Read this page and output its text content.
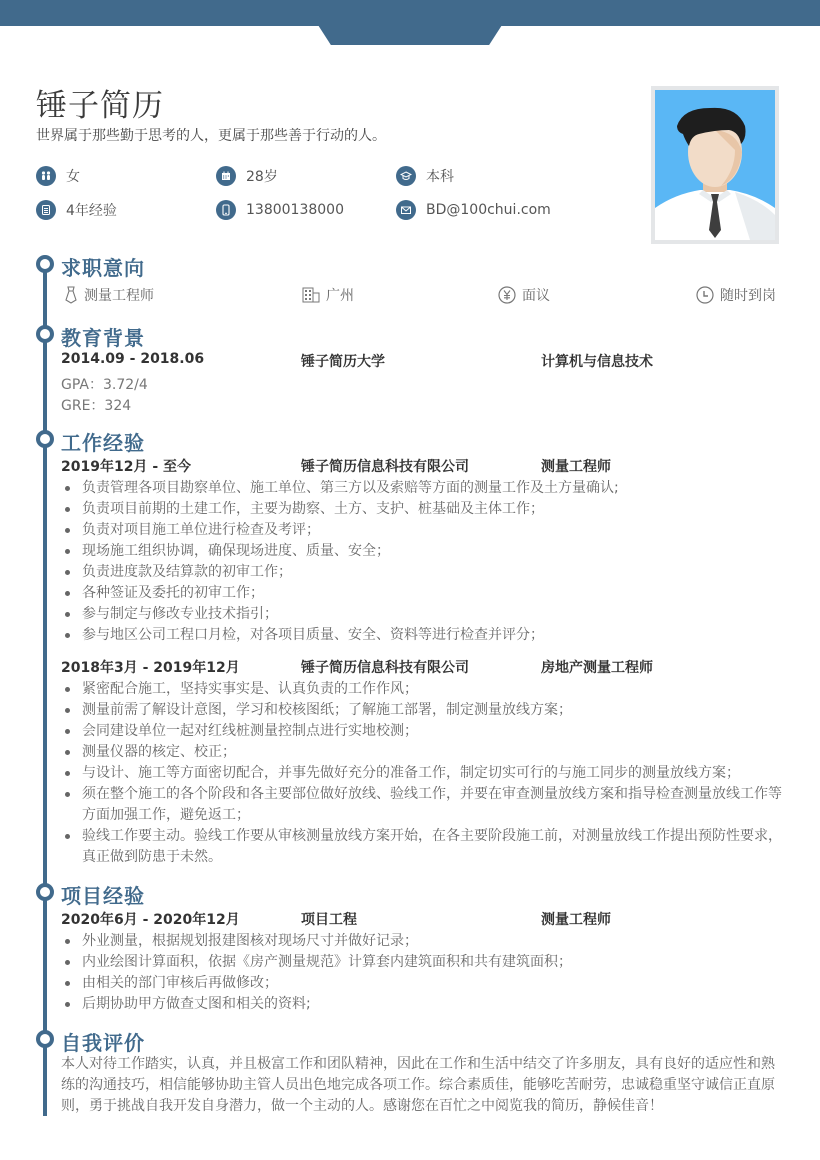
锤子简历
世界属于那些勤于思考的人，更属于那些善于行动的人。
女	28岁	本科
4年经验	13800138000	BD@100chui.com
求职意向
测量工程师	广州	面议	随时到岗
教育背景
2014.09 - 2018.06	锤子简历大学	计算机与信息技术
GPA：3.72/4
GRE：324
工作经验
2019年12月 - 至今	锤子简历信息科技有限公司	测量工程师
负责管理各项目勘察单位、施工单位、第三方以及索赔等方面的测量工作及土方量确认;
负责项目前期的土建工作，主要为勘察、土方、支护、桩基础及主体工作；
负责对项目施工单位进行检查及考评；
现场施工组织协调，确保现场进度、质量、安全；
负责进度款及结算款的初审工作；
各种签证及委托的初审工作；
参与制定与修改专业技术指引；
参与地区公司工程口月检，对各项目质量、安全、资料等进行检查并评分；
2018年3月 - 2019年12月	锤子简历信息科技有限公司	房地产测量工程师
紧密配合施工，坚持实事实是、认真负责的工作作风；
测量前需了解设计意图，学习和校核图纸；了解施工部署，制定测量放线方案；
会同建设单位一起对红线桩测量控制点进行实地校测；
测量仪器的核定、校正；
与设计、施工等方面密切配合，并事先做好充分的准备工作，制定切实可行的与施工同步的测量放线方案；
须在整个施工的各个阶段和各主要部位做好放线、验线工作，并要在审查测量放线方案和指导检查测量放线工作等方面加强工作，避免返工；
验线工作要主动。验线工作要从审核测量放线方案开始，在各主要阶段施工前，对测量放线工作提出预防性要求，真正做到防患于未然。
项目经验
2020年6月 - 2020年12月	项目工程	测量工程师
外业测量，根据规划报建图核对现场尺寸并做好记录；
内业绘图计算面积，依据《房产测量规范》计算套内建筑面积和共有建筑面积；
由相关的部门审核后再做修改；
后期协助甲方做查丈图和相关的资料;
自我评价

本人对待工作踏实，认真，并且极富工作和团队精神，因此在工作和生活中结交了许多朋友，具有良好的适应性和熟练的沟通技巧，相信能够协助主管人员出色地完成各项工作。综合素质佳，能够吃苦耐劳，忠诚稳重坚守诚信正直原则，勇于挑战自我开发自身潜力，做一个主动的人。感谢您在百忙之中阅览我的简历，静候佳音！
